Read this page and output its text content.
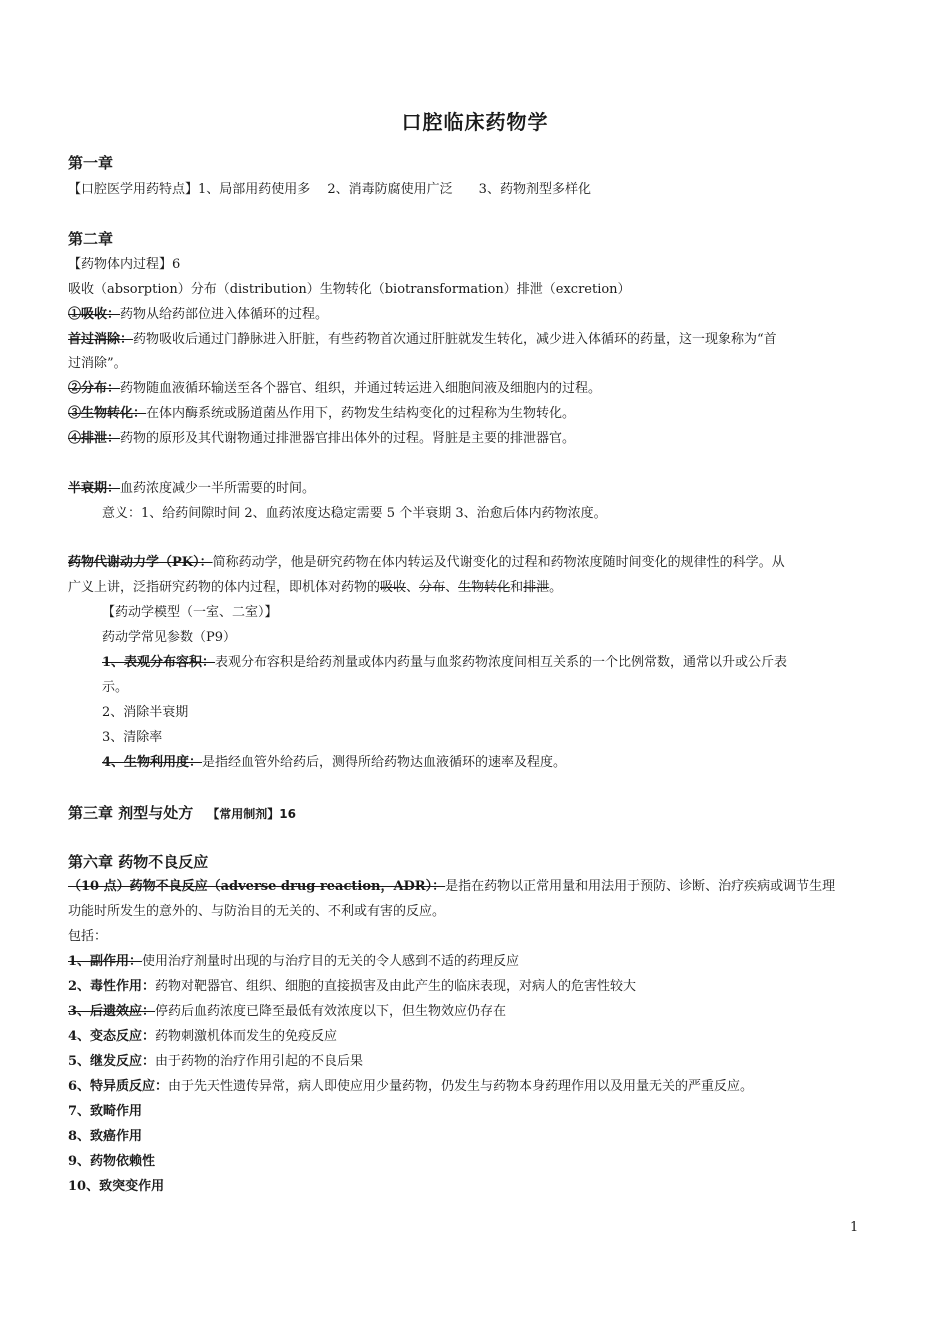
口腔临床药物学
第一章
【口腔医学用药特点】1、局部用药使用多　 2、消毒防腐使用广泛　　3、药物剂型多样化
第二章
【药物体内过程】6
吸收（absorption）分布（distribution）生物转化（biotransformation）排泄（excretion）
①吸收：药物从给药部位进入体循环的过程。
首过消除：药物吸收后通过门静脉进入肝脏，有些药物首次通过肝脏就发生转化，减少进入体循环的药量，这一现象称为“首
过消除”。
②分布：药物随血液循环输送至各个器官、组织，并通过转运进入细胞间液及细胞内的过程。
③生物转化：在体内酶系统或肠道菌丛作用下，药物发生结构变化的过程称为生物转化。
④排泄：药物的原形及其代谢物通过排泄器官排出体外的过程。肾脏是主要的排泄器官。
半衰期：血药浓度减少一半所需要的时间。
意义：1、给药间隙时间 2、血药浓度达稳定需要 5 个半衰期 3、治愈后体内药物浓度。
药物代谢动力学（PK）：简称药动学，他是研究药物在体内转运及代谢变化的过程和药物浓度随时间变化的规律性的科学。从
广义上讲，泛指研究药物的体内过程，即机体对药物的吸收、分布、生物转化和排泄。
【药动学模型（一室、二室）】
药动学常见参数（P9）
1、表观分布容积：表观分布容积是给药剂量或体内药量与血浆药物浓度间相互关系的一个比例常数，通常以升或公斤表
示。
2、消除半衰期
3、清除率
4、生物利用度：是指经血管外给药后，测得所给药物达血液循环的速率及程度。
第三章 剂型与处方 【常用制剂】16
第六章 药物不良反应
（10 点）药物不良反应（adverse drug reaction，ADR）：是指在药物以正常用量和用法用于预防、诊断、治疗疾病或调节生理
功能时所发生的意外的、与防治目的无关的、不利或有害的反应。
包括：
1、副作用：使用治疗剂量时出现的与治疗目的无关的令人感到不适的药理反应
2、毒性作用：药物对靶器官、组织、细胞的直接损害及由此产生的临床表现，对病人的危害性较大
3、后遗效应：停药后血药浓度已降至最低有效浓度以下，但生物效应仍存在
4、变态反应：药物刺激机体而发生的免疫反应
5、继发反应：由于药物的治疗作用引起的不良后果
6、特异质反应：由于先天性遗传异常，病人即使应用少量药物，仍发生与药物本身药理作用以及用量无关的严重反应。
7、致畸作用
8、致癌作用
9、药物依赖性
10、致突变作用
1
